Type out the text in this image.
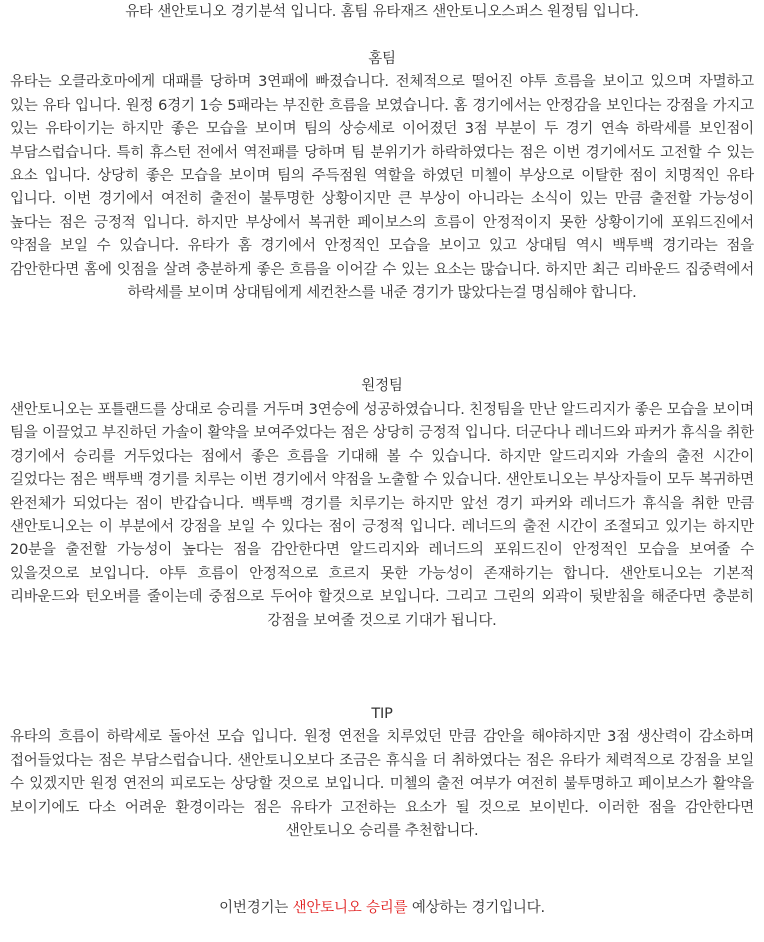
유타 샌안토니오 경기분석 입니다. 홈팀 유타재즈 샌안토니오스퍼스 원정팀 입니다.
홈팀

유타는 오클라호마에게 대패를 당하며 3연패에 빠졌습니다. 전체적으로 떨어진 야투 흐름을 보이고 있으며 자멸하고 있는 유타 입니다. 원정 6경기 1승 5패라는 부진한 흐름을 보였습니다. 홈 경기에서는 안정감을 보인다는 강점을 가지고 있는 유타이기는 하지만 좋은 모습을 보이며 팀의 상승세로 이어졌던 3점 부분이 두 경기 연속 하락세를 보인점이 부담스럽습니다. 특히 휴스턴 전에서 역전패를 당하며 팀 분위기가 하락하였다는 점은 이번 경기에서도 고전할 수 있는 요소 입니다. 상당히 좋은 모습을 보이며 팀의 주득점원 역할을 하였던 미첼이 부상으로 이탈한 점이 치명적인 유타 입니다. 이번 경기에서 여전히 출전이 불투명한 상황이지만 큰 부상이 아니라는 소식이 있는 만큼 출전할 가능성이 높다는 점은 긍정적 입니다. 하지만 부상에서 복귀한 페이보스의 흐름이 안정적이지 못한 상황이기에 포워드진에서 약점을 보일 수 있습니다. 유타가 홈 경기에서 안정적인 모습을 보이고 있고 상대팀 역시 백투백 경기라는 점을 감안한다면 홈에 잇점을 살려 충분하게 좋은 흐름을 이어갈 수 있는 요소는 많습니다. 하지만 최근 리바운드 집중력에서 하락세를 보이며 상대팀에게 세컨찬스를 내준 경기가 많았다는걸 명심해야 합니다.

원정팀

샌안토니오는 포틀랜드를 상대로 승리를 거두며 3연승에 성공하였습니다. 친정팀을 만난 알드리지가 좋은 모습을 보이며 팀을 이끌었고 부진하던 가솔이 활약을 보여주었다는 점은 상당히 긍정적 입니다. 더군다나 레너드와 파커가 휴식을 취한 경기에서 승리를 거두었다는 점에서 좋은 흐름을 기대해 볼 수 있습니다. 하지만 알드리지와 가솔의 출전 시간이 길었다는 점은 백투백 경기를 치루는 이번 경기에서 약점을 노출할 수 있습니다. 샌안토니오는 부상자들이 모두 복귀하면 완전체가 되었다는 점이 반갑습니다. 백투백 경기를 치루기는 하지만 앞선 경기 파커와 레너드가 휴식을 취한 만큼 샌안토니오는 이 부분에서 강점을 보일 수 있다는 점이 긍정적 입니다. 레너드의 출전 시간이 조절되고 있기는 하지만 20분을 출전할 가능성이 높다는 점을 감안한다면 알드리지와 레너드의 포워드진이 안정적인 모습을 보여줄 수 있을것으로 보입니다. 야투 흐름이 안정적으로 흐르지 못한 가능성이 존재하기는 합니다. 샌안토니오는 기본적 리바운드와 턴오버를 줄이는데 중점으로 두어야 할것으로 보입니다. 그리고 그린의 외곽이 뒷받침을 해준다면 충분히 강점을 보여줄 것으로 기대가 됩니다.

TIP

유타의 흐름이 하락세로 돌아선 모습 입니다. 원정 연전을 치루었던 만큼 감안을 해야하지만 3점 생산력이 감소하며 접어들었다는 점은 부담스럽습니다. 샌안토니오보다 조금은 휴식을 더 취하였다는 점은 유타가 체력적으로 강점을 보일 수 있겠지만 원정 연전의 피로도는 상당할 것으로 보입니다. 미첼의 출전 여부가 여전히 불투명하고 페이보스가 활약을 보이기에도 다소 어려운 환경이라는 점은 유타가 고전하는 요소가 될 것으로 보이빈다. 이러한 점을 감안한다면 샌안토니오 승리를 추천합니다.

이번경기는 샌안토니오 승리를 예상하는 경기입니다.
